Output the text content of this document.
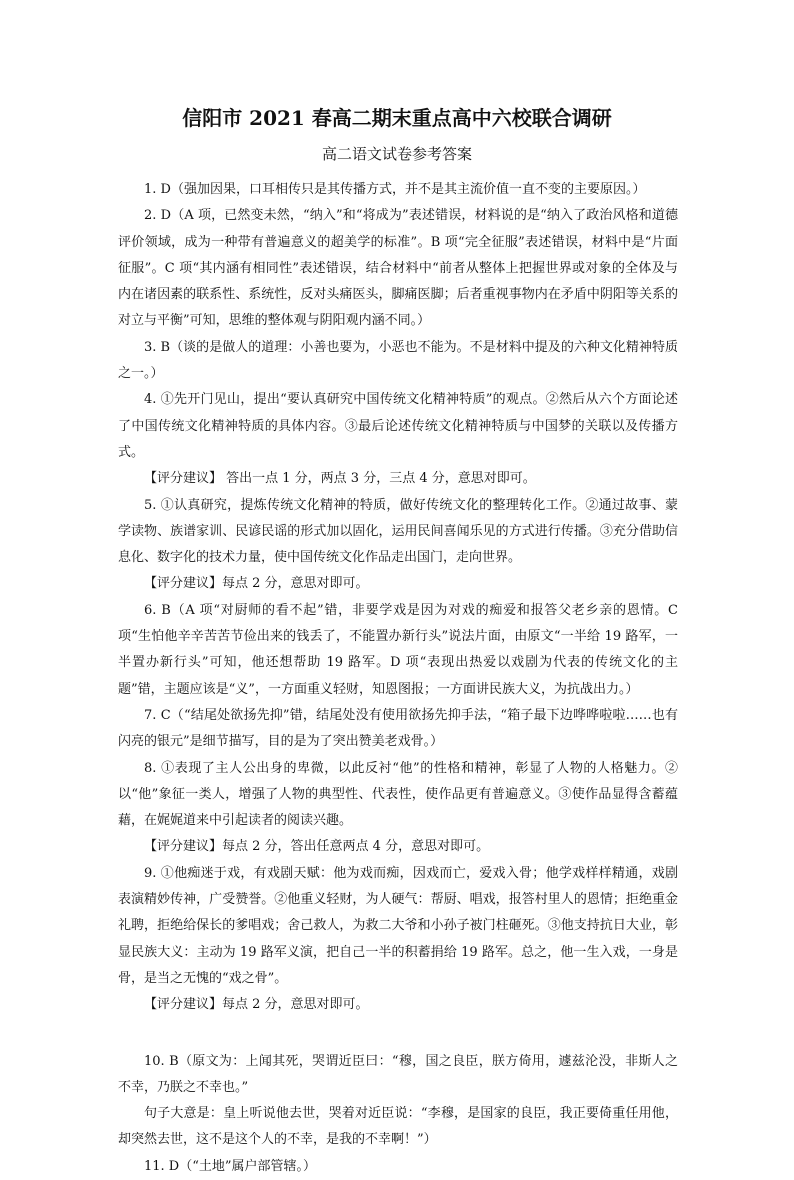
信阳市 2021 春高二期末重点高中六校联合调研
高二语文试卷参考答案

1. D（强加因果，口耳相传只是其传播方式，并不是其主流价值一直不变的主要原因。）

2. D（A 项，已然变未然，“纳入”和“将成为”表述错误，材料说的是“纳入了政治风格和道德评价领域，成为一种带有普遍意义的超美学的标准”。B 项“完全征服”表述错误，材料中是“片面征服”。C 项“其内涵有相同性”表述错误，结合材料中“前者从整体上把握世界或对象的全体及与内在诸因素的联系性、系统性，反对头痛医头，脚痛医脚；后者重视事物内在矛盾中阴阳等关系的对立与平衡”可知，思维的整体观与阴阳观内涵不同。）

3. B（谈的是做人的道理：小善也要为，小恶也不能为。不是材料中提及的六种文化精神特质之一。）

4. ①先开门见山，提出“要认真研究中国传统文化精神特质”的观点。②然后从六个方面论述了中国传统文化精神特质的具体内容。③最后论述传统文化精神特质与中国梦的关联以及传播方式。

【评分建议】 答出一点 1 分，两点 3 分，三点 4 分，意思对即可。

5. ①认真研究，提炼传统文化精神的特质，做好传统文化的整理转化工作。②通过故事、蒙学读物、族谱家训、民谚民谣的形式加以固化，运用民间喜闻乐见的方式进行传播。③充分借助信息化、数字化的技术力量，使中国传统文化作品走出国门，走向世界。

【评分建议】每点 2 分，意思对即可。

6. B（A 项“对厨师的看不起”错，非要学戏是因为对戏的痴爱和报答父老乡亲的恩情。C 项“生怕他辛辛苦苦节俭出来的钱丢了，不能置办新行头”说法片面，由原文“一半给 19 路军，一半置办新行头”可知，他还想帮助 19 路军。D 项“表现出热爱以戏剧为代表的传统文化的主题”错，主题应该是“义”，一方面重义轻财，知恩图报；一方面讲民族大义，为抗战出力。）

7. C（“结尾处欲扬先抑”错，结尾处没有使用欲扬先抑手法，“箱子最下边哗哗啦啦……也有闪亮的银元”是细节描写，目的是为了突出赞美老戏骨。）

8. ①表现了主人公出身的卑微，以此反衬“他”的性格和精神，彰显了人物的人格魅力。②以“他”象征一类人，增强了人物的典型性、代表性，使作品更有普遍意义。③使作品显得含蓄蕴藉，在娓娓道来中引起读者的阅读兴趣。

【评分建议】每点 2 分，答出任意两点 4 分，意思对即可。

9. ①他痴迷于戏，有戏剧天赋：他为戏而痴，因戏而亡，爱戏入骨；他学戏样样精通，戏剧表演精妙传神，广受赞誉。②他重义轻财，为人硬气：帮厨、唱戏，报答村里人的恩情；拒绝重金礼聘，拒绝给保长的爹唱戏；舍己救人，为救二大爷和小孙子被门柱砸死。③他支持抗日大业，彰显民族大义：主动为 19 路军义演，把自己一半的积蓄捐给 19 路军。总之，他一生入戏，一身是骨，是当之无愧的“戏之骨”。

【评分建议】每点 2 分，意思对即可。

10. B（原文为：上闻其死，哭谓近臣曰：“穆，国之良臣，朕方倚用，遽兹沦没，非斯人之不幸，乃朕之不幸也。”

句子大意是：皇上听说他去世，哭着对近臣说：“李穆，是国家的良臣，我正要倚重任用他，却突然去世，这不是这个人的不幸，是我的不幸啊！”）

11. D（“土地”属户部管辖。）
